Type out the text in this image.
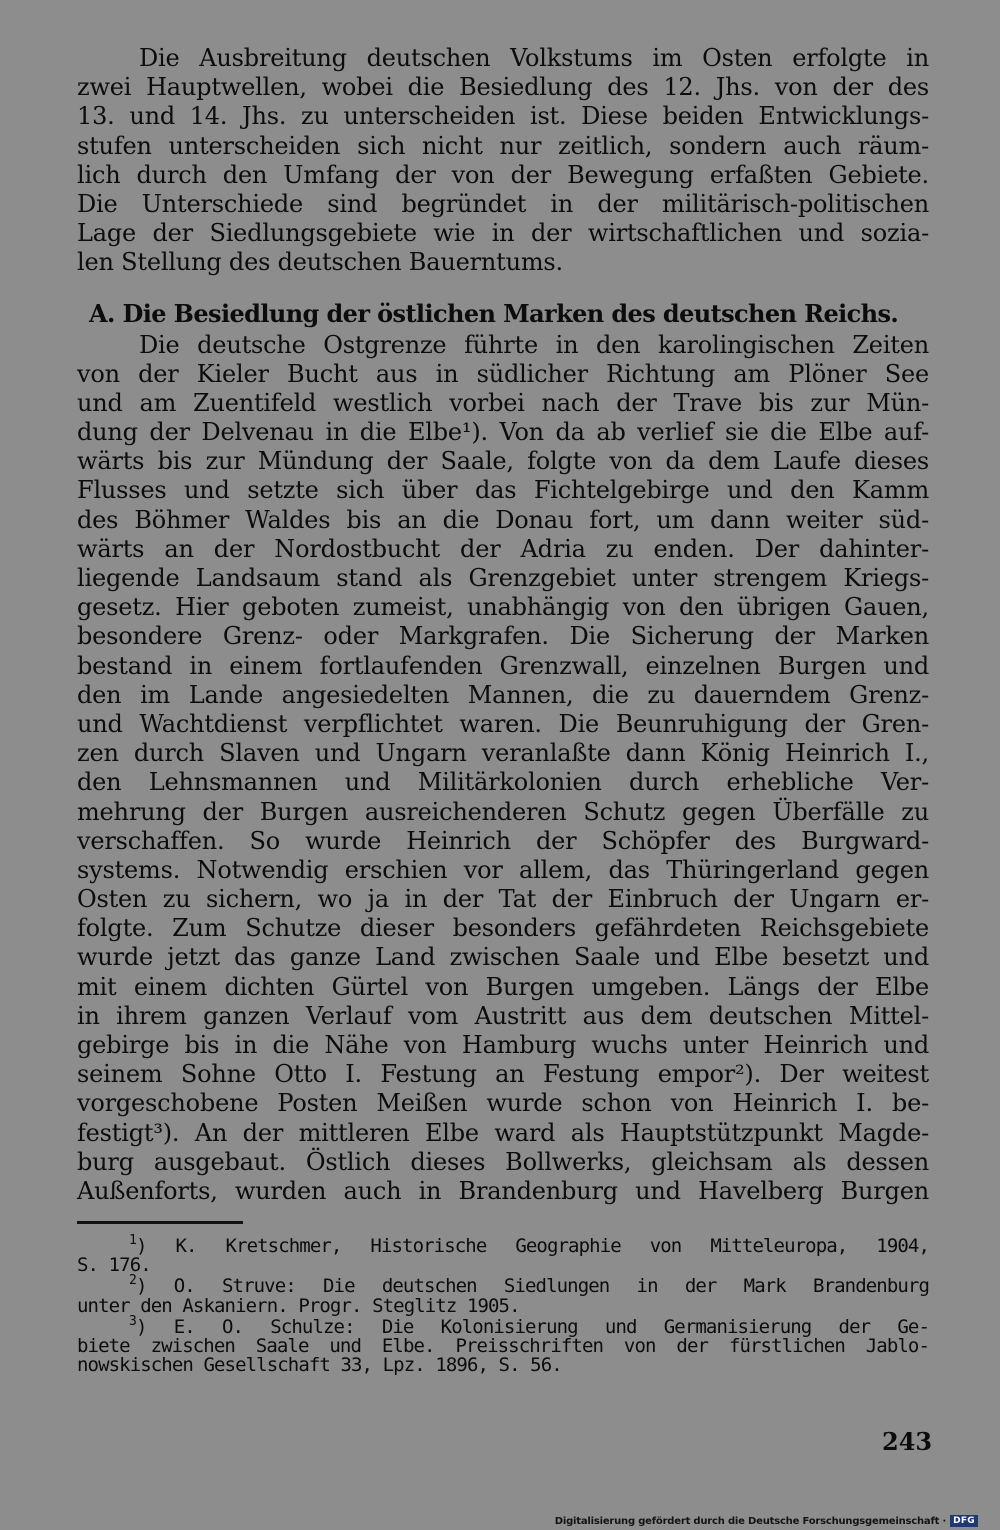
Die Ausbreitung deutschen Volkstums im Osten erfolgte in
zwei Hauptwellen, wobei die Besiedlung des 12. Jhs. von der des
13. und 14. Jhs. zu unterscheiden ist. Diese beiden Entwicklungs-
stufen unterscheiden sich nicht nur zeitlich, sondern auch räum-
lich durch den Umfang der von der Bewegung erfaßten Gebiete.
Die Unterschiede sind begründet in der militärisch-politischen
Lage der Siedlungsgebiete wie in der wirtschaftlichen und sozia-
len Stellung des deutschen Bauerntums.
A. Die Besiedlung der östlichen Marken des deutschen Reichs.
Die deutsche Ostgrenze führte in den karolingischen Zeiten
von der Kieler Bucht aus in südlicher Richtung am Plöner See
und am Zuentifeld westlich vorbei nach der Trave bis zur Mün-
dung der Delvenau in die Elbe¹). Von da ab verlief sie die Elbe auf-
wärts bis zur Mündung der Saale, folgte von da dem Laufe dieses
Flusses und setzte sich über das Fichtelgebirge und den Kamm
des Böhmer Waldes bis an die Donau fort, um dann weiter süd-
wärts an der Nordostbucht der Adria zu enden. Der dahinter-
liegende Landsaum stand als Grenzgebiet unter strengem Kriegs-
gesetz. Hier geboten zumeist, unabhängig von den übrigen Gauen,
besondere Grenz- oder Markgrafen. Die Sicherung der Marken
bestand in einem fortlaufenden Grenzwall, einzelnen Burgen und
den im Lande angesiedelten Mannen, die zu dauerndem Grenz-
und Wachtdienst verpflichtet waren. Die Beunruhigung der Gren-
zen durch Slaven und Ungarn veranlaßte dann König Heinrich I.,
den Lehnsmannen und Militärkolonien durch erhebliche Ver-
mehrung der Burgen ausreichenderen Schutz gegen Überfälle zu
verschaffen. So wurde Heinrich der Schöpfer des Burgward-
systems. Notwendig erschien vor allem, das Thüringerland gegen
Osten zu sichern, wo ja in der Tat der Einbruch der Ungarn er-
folgte. Zum Schutze dieser besonders gefährdeten Reichsgebiete
wurde jetzt das ganze Land zwischen Saale und Elbe besetzt und
mit einem dichten Gürtel von Burgen umgeben. Längs der Elbe
in ihrem ganzen Verlauf vom Austritt aus dem deutschen Mittel-
gebirge bis in die Nähe von Hamburg wuchs unter Heinrich und
seinem Sohne Otto I. Festung an Festung empor²). Der weitest
vorgeschobene Posten Meißen wurde schon von Heinrich I. be-
festigt³). An der mittleren Elbe ward als Hauptstützpunkt Magde-
burg ausgebaut. Östlich dieses Bollwerks, gleichsam als dessen
Außenforts, wurden auch in Brandenburg und Havelberg Burgen
$^1$) K. Kretschmer, Historische Geographie von Mitteleuropa, 1904,
S. 176.
$^2$) O. Struve: Die deutschen Siedlungen in der Mark Brandenburg
unter den Askaniern. Progr. Steglitz 1905.
$^3$) E. O. Schulze: Die Kolonisierung und Germanisierung der Ge-
biete zwischen Saale und Elbe. Preisschriften von der fürstlichen Jablo-
nowskischen Gesellschaft 33, Lpz. 1896, S. 56.
243
Digitalisierung gefördert durch die Deutsche Forschungsgemeinschaft · DFG
